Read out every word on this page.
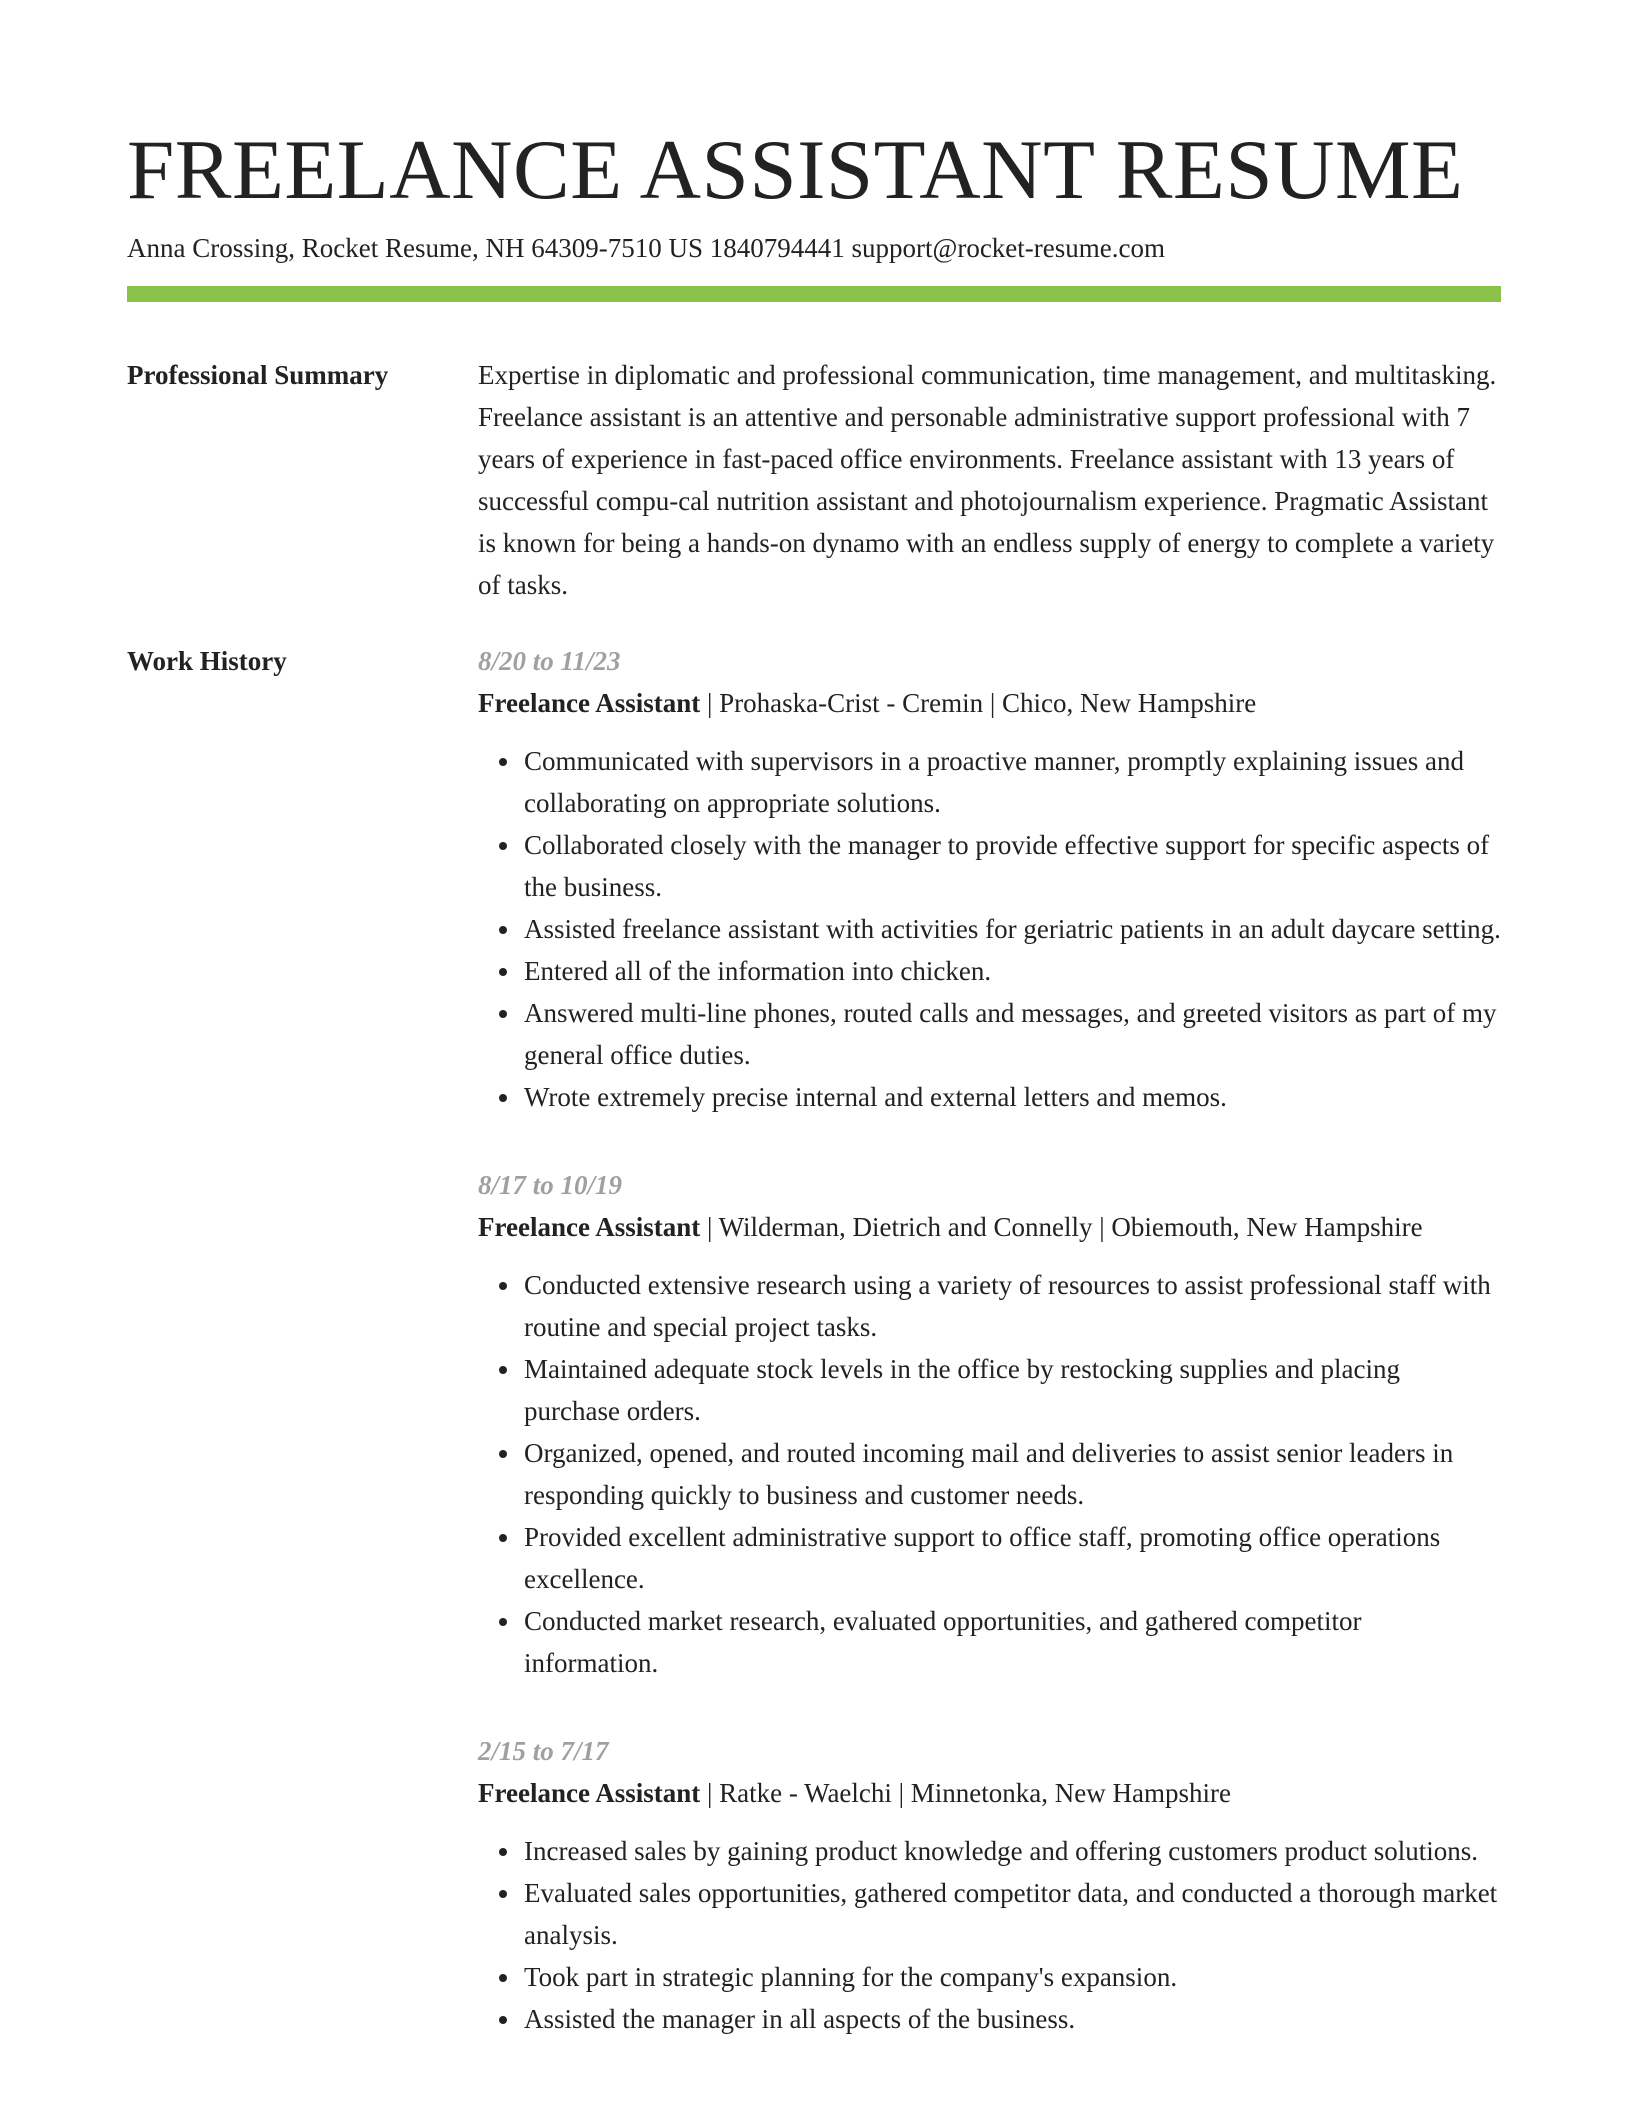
FREELANCE ASSISTANT RESUME
Anna Crossing, Rocket Resume, NH 64309-7510 US 1840794441 support@rocket-resume.com
Professional Summary	Expertise in diplomatic and professional communication, time management, and multitasking. Freelance assistant is an attentive and personable administrative support professional with 7 years of experience in fast-paced office environments. Freelance assistant with 13 years of successful compu-cal nutrition assistant and photojournalism experience. Pragmatic Assistant is known for being a hands-on dynamo with an endless supply of energy to complete a variety of tasks.
Work History	8/20 to 11/23
Freelance Assistant | Prohaska-Crist - Cremin | Chico, New Hampshire
• Communicated with supervisors in a proactive manner, promptly explaining issues and collaborating on appropriate solutions.
• Collaborated closely with the manager to provide effective support for specific aspects of the business.
• Assisted freelance assistant with activities for geriatric patients in an adult daycare setting.
• Entered all of the information into chicken.
• Answered multi-line phones, routed calls and messages, and greeted visitors as part of my general office duties.
• Wrote extremely precise internal and external letters and memos.
8/17 to 10/19
Freelance Assistant | Wilderman, Dietrich and Connelly | Obiemouth, New Hampshire
• Conducted extensive research using a variety of resources to assist professional staff with routine and special project tasks.
• Maintained adequate stock levels in the office by restocking supplies and placing purchase orders.
• Organized, opened, and routed incoming mail and deliveries to assist senior leaders in responding quickly to business and customer needs.
• Provided excellent administrative support to office staff, promoting office operations excellence.
• Conducted market research, evaluated opportunities, and gathered competitor information.
2/15 to 7/17
Freelance Assistant | Ratke - Waelchi | Minnetonka, New Hampshire
• Increased sales by gaining product knowledge and offering customers product solutions.
• Evaluated sales opportunities, gathered competitor data, and conducted a thorough market analysis.
• Took part in strategic planning for the company's expansion.
• Assisted the manager in all aspects of the business.
